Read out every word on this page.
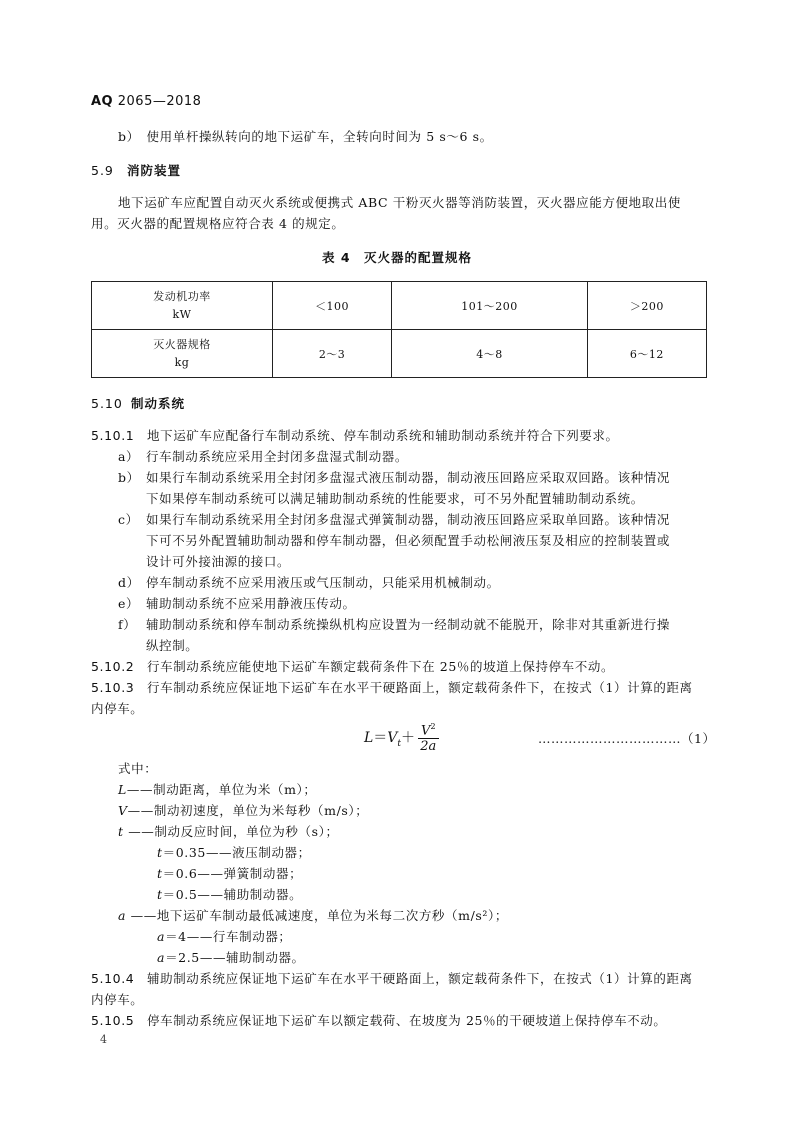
AQ 2065—2018
b）　使用单杆操纵转向的地下运矿车，全转向时间为 5 s～6 s。
5.9 消防装置
地下运矿车应配置自动灭火系统或便携式 ABC 干粉灭火器等消防装置，灭火器应能方便地取出使
用。灭火器的配置规格应符合表 4 的规定。
表 4　灭火器的配置规格
发动机功率
kW	＜100	101～200	＞200
灭火器规格
kg	2～3	4～8	6～12
5.10 制动系统
5.10.1 地下运矿车应配备行车制动系统、停车制动系统和辅助制动系统并符合下列要求。
a） 行车制动系统应采用全封闭多盘湿式制动器。
b） 如果行车制动系统采用全封闭多盘湿式液压制动器，制动液压回路应采取双回路。该种情况
下如果停车制动系统可以满足辅助制动系统的性能要求，可不另外配置辅助制动系统。
c） 如果行车制动系统采用全封闭多盘湿式弹簧制动器，制动液压回路应采取单回路。该种情况
下可不另外配置辅助制动器和停车制动器，但必须配置手动松闸液压泵及相应的控制装置或
设计可外接油源的接口。
d） 停车制动系统不应采用液压或气压制动，只能采用机械制动。
e） 辅助制动系统不应采用静液压传动。
f） 辅助制动系统和停车制动系统操纵机构应设置为一经制动就不能脱开，除非对其重新进行操
纵控制。
5.10.2 行车制动系统应能使地下运矿车额定载荷条件下在 25％的坡道上保持停车不动。
5.10.3 行车制动系统应保证地下运矿车在水平干硬路面上，额定载荷条件下，在按式（1）计算的距离
内停车。
$L=V_t+ \frac{V^2}{2a}$	……………………………（1）
式中：
L——制动距离，单位为米（m）；
V——制动初速度，单位为米每秒（m/s）；
t ——制动反应时间，单位为秒（s）；
t＝0.35——液压制动器；
t＝0.6——弹簧制动器；
t＝0.5——辅助制动器。
a ——地下运矿车制动最低减速度，单位为米每二次方秒（m/s²）；
a＝4——行车制动器；
a＝2.5——辅助制动器。
5.10.4 辅助制动系统应保证地下运矿车在水平干硬路面上，额定载荷条件下，在按式（1）计算的距离
内停车。
5.10.5 停车制动系统应保证地下运矿车以额定载荷、在坡度为 25％的干硬坡道上保持停车不动。
4
